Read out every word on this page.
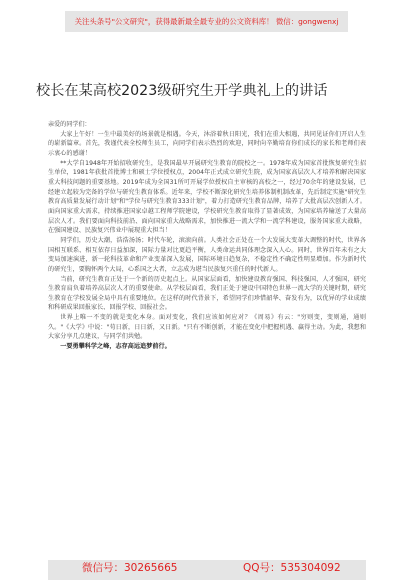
关注头条号"公文研究"，获得最新最全最专业的公文资料库！ 微信：gongwenxj
校长在某高校2023级研究生开学典礼上的讲话

亲爱的同学们：

大家上午好！一生中最美好的场景就是相遇。今天，沐浴着秋日阳光，我们在重大相遇，共同见证你们开启人生的崭新篇章。首先，我谨代表全校师生员工，向同学们表示热烈的欢迎，同时向辛勤培育你们成长的家长和老师们表示衷心的感谢！

**大学自1948年开始招收研究生，是我国最早开展研究生教育的院校之一。1978年成为国家首批恢复研究生招生单位，1981年获批首批博士和硕士学位授权点，2004年正式成立研究生院，成为国家高层次人才培养和解决国家重大科技问题的重要基地。2019年成为全国31所可开展学位授权自主审核的高校之一，经过70余年的建设发展，已经建立起较为完备的学位与研究生教育体系。近年来，学校不断深化研究生培养体制机制改革，先后制定实施"研究生教育高质量发展行动计划"和"学位与研究生教育333计划"，着力打造研究生教育品牌，培养了大批高层次创新人才。面向国家重大需求，持续推进国家卓越工程师学院建设，学校研究生教育取得了显著成效，为国家培养输送了大量高层次人才。我们要面向科技前沿、面向国家重大战略需求，加快推进一流大学和一流学科建设，服务国家重大战略，在强国建设、民族复兴伟业中展现重大担当！

同学们，历史大潮，浩浩汤汤；时代车轮，滚滚向前。人类社会正处在一个大发展大变革大调整的时代，世界各国相互联系、相互依存日益加深，国际力量对比更趋平衡，人类命运共同体理念深入人心。同时，世界百年未有之大变局加速演进，新一轮科技革命和产业变革深入发展，国际环境日趋复杂，不稳定性不确定性明显增加。作为新时代的研究生，要胸怀两个大局，心系国之大者，立志成为堪当民族复兴重任的时代新人。

当前，研究生教育正处于一个新的历史起点上。从国家层面看，加快建设教育强国、科技强国、人才强国，研究生教育肩负着培养高层次人才的重要使命。从学校层面看，我们正处于建设中国特色世界一流大学的关键时期，研究生教育在学校发展全局中具有重要地位。在这样的时代背景下，希望同学们珍惜韶华、奋发有为，以优异的学业成绩和科研成果回报家长、回报学校、回报社会。

世界上唯一不变的就是变化本身。面对变化，我们应该如何应对？《周易》有云："穷则变，变则通，通则久。"《大学》中说："苟日新，日日新，又日新。"只有不断创新，才能在变化中把握机遇、赢得主动。为此，我想和大家分享几点建议，与同学们共勉。

一要勇攀科学之峰，志存高远追梦前行。

微信号：30265665	QQ号：535304092
